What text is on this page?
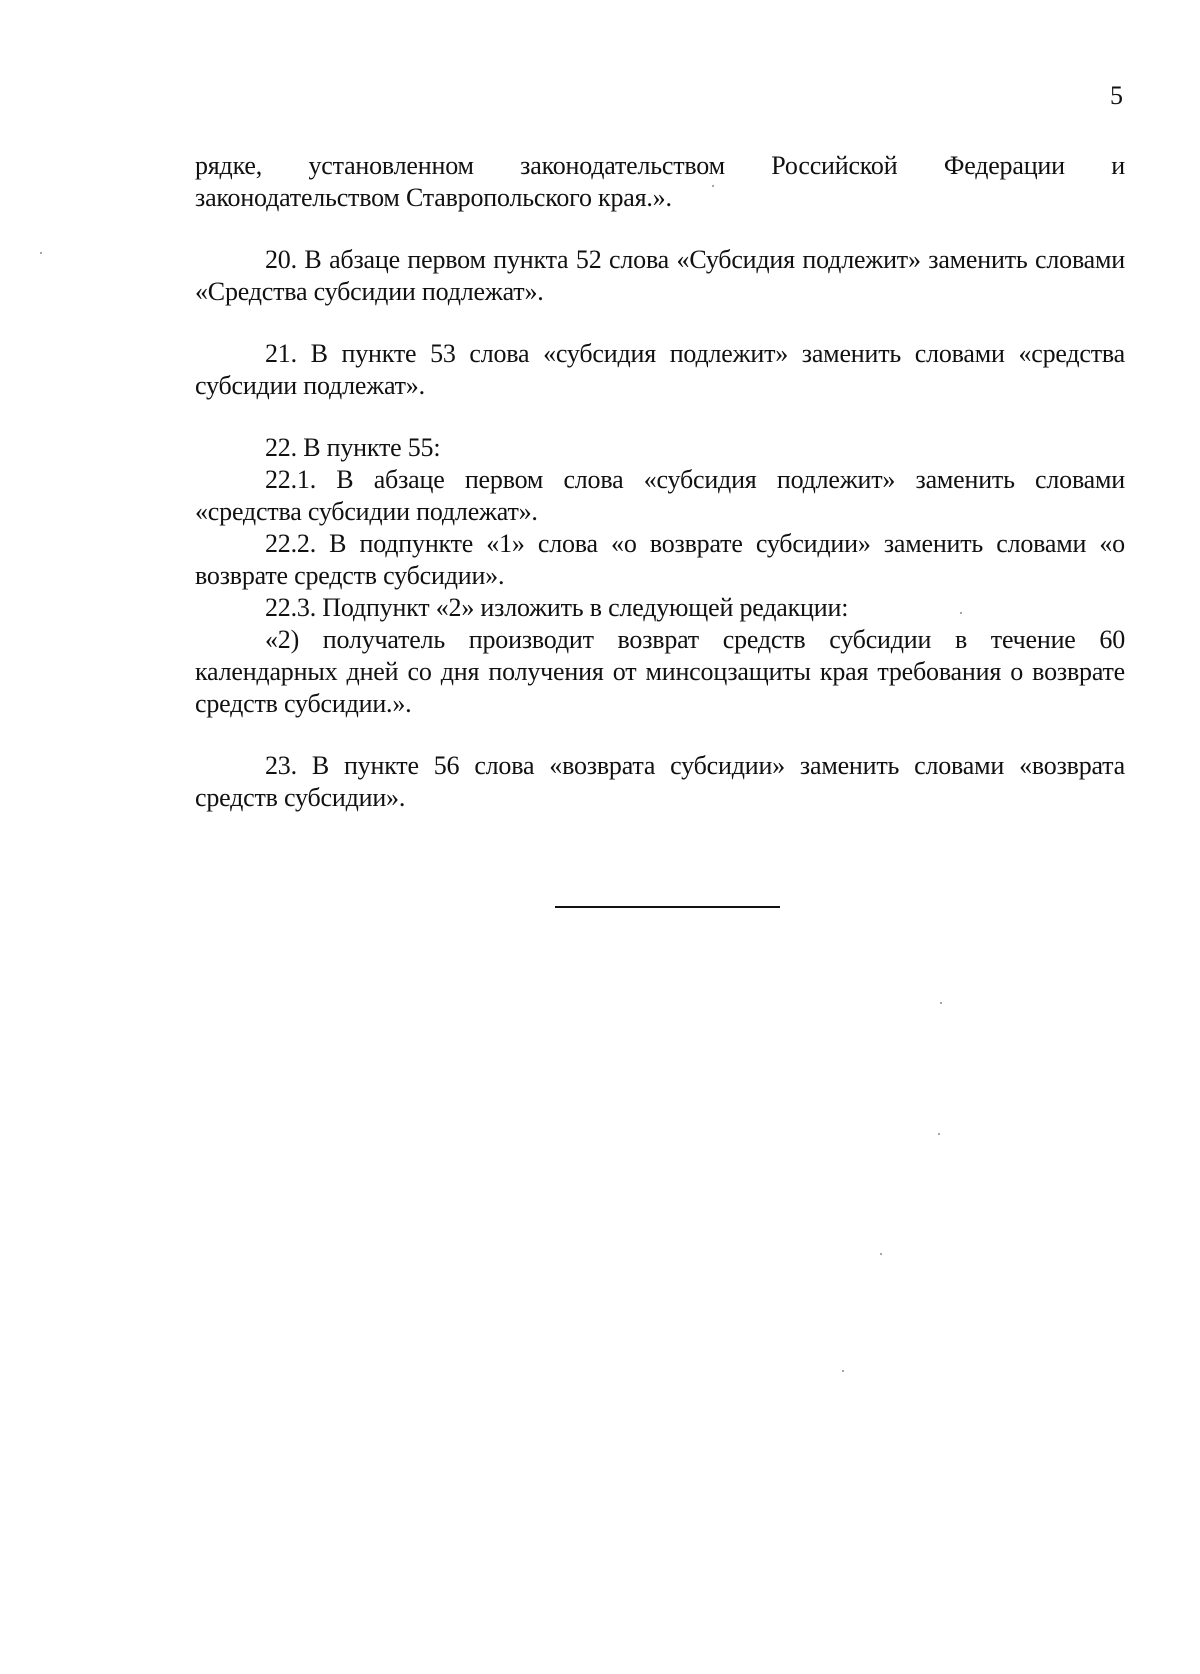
5

рядке, установленном законодательством Российской Федерации и законодательством Ставропольского края.».

20. В абзаце первом пункта 52 слова «Субсидия подлежит» заменить словами «Средства субсидии подлежат».

21. В пункте 53 слова «субсидия подлежит» заменить словами «средства субсидии подлежат».

22. В пункте 55:

22.1. В абзаце первом слова «субсидия подлежит» заменить словами «средства субсидии подлежат».

22.2. В подпункте «1» слова «о возврате субсидии» заменить словами «о возврате средств субсидии».

22.3. Подпункт «2» изложить в следующей редакции:

«2) получатель производит возврат средств субсидии в течение 60 календарных дней со дня получения от минсоцзащиты края требования о возврате средств субсидии.».

23. В пункте 56 слова «возврата субсидии» заменить словами «возврата средств субсидии».
